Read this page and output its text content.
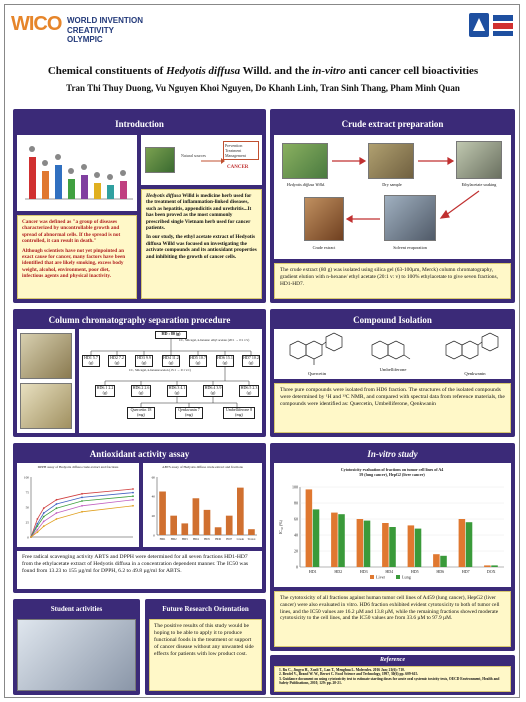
WICO WORLD INVENTION
CREATIVITY OLYMPIC
Chemical constituents of Hedyotis diffusa Willd. and the in-vitro anti cancer cell bioactivities
Tran Thi Thuy Duong, Vu Nguyen Khoi Nguyen, Do Khanh Linh, Tran Sinh Thang, Pham Minh Quan
Introduction
Natural sources
Prevention Treatment Management
CANCER

Cancer was defined as "a group of diseases characterized by uncontrollable growth and spread of abnormal cells. If the spread is not controlled, it can result in death."

Although scientists have not yet pinpointed an exact cause for cancer, many factors have been identified that are likely smoking, excess body weight, alcohol, environment, poor diet, infectious agents and physical inactivity.

Hedyotis diffusa Willd is medicine herb used for the treatment of inflammation-linked diseases, such as hepatitis, appendicitis and urethritis...It has been proved as the most commonly prescribed single Vietnam herb used for cancer patients.

In our study, the ethyl acetate extract of Hedyotis diffusa Willd was focused on investigating the activate compounds and its antioxidant properties and inhibiting the growth of cancer cells.

Crude extract preparation
Hedyotis diffusa Willd.	Dry sample	Ethylacetate soaking
Crude extract	Solvent evaporation

The crude extract (80 g) was isolated using silica gel (63-100µm, Merck) column chromatography, gradient elution with n-hexane/ ethyl acetate (20:1 v: v) to 100% ethylacetate to give seven fractions, HD1-HD7.

Column chromatography separation procedure
HD : 80 (g)
CC, Silicagel, n-hexane: ethyl acetate (20:1 → 0:1 v/v)
HD1 5.7 (g)
HD2 7.2 (g)
HD3 9.9 (g)
HD4 11.2 (g)
HD5 10.7 (g)
HD6 15.1 (g)
HD7 10.2 (g)
CC, Silicagel, n-hexane:aceton (15:1 → 0:1 v/v)
HD6.1 2.2 (g)
HD6.2 2.6 (g)
HD6.3 4.1 (g)
HD6.4 3.9 (g)
HD6.5 2.3 (g)
Quercetin 18 (mg)
Qenkwanin 7 (mg)
Umbelliferone 8 (mg)
Compound Isolation
Quercetin
Umbelliferone
Qenkwanin

Three pure compounds were isolated from HD6 fraction. The structures of the isolated compounds were determined by ¹H and ¹³C NMR, and compared with spectral data from reference materials, the compounds were identified as: Quercetin, Umbelliferone, Qenkwanin

Antioxidant activity assay
DPPH assay of Hedyotis diffusa crude extract and fractions
0
25
50
75
100
ABTS assay of Hedyotis diffusa crude extract and fractions
0
20
40
60
HD1 HD2 HD3 HD4 HD5 HD6 HD7 Crude Trolox

Free radical scavenging activity ABTS and DPPH were determined for all seven fractions HD1-HD7 from the ethylacetate extract of Hedyotis diffusa in a concentration dependent manner. The IC50 was found from 13.23 to 155 µg/ml for DPPH, 6.2 to 49.8 µg/ml for ABTS.

In-vitro study
Cytotoxicity evaluation of fractions on tumor cell lines of A4
59 (lung cancer), HepG2 (liver cancer)
IC₅₀ (%)
0
20
40
60
80
100
HD1	HD2	HD3	HD4	HD5	HD6	HD7	DOX
Liver	Lung

The cytotoxicity of all fractions against human tumor cell lines of A459 (lung cancer), HepG2 (liver cancer) were also evaluated in vitro. HD6 fraction exhibited evident cytotoxicity to both of tumor cell lines, and the IC50 values are 16.2 µM and 13.8 µM, while the remaining fractions showed moderate cytotoxicity to the cell lines, and the IC50 values are from 33.6 µM to 97.9 µM.

Student activities	Future Research Orientation

The positive results of this study would be hoping to be able to apply it to produce functional foods in the treatment or support of cancer disease without any unwanted side effects for patients with low product cost.

Reference

1. Ru C., Jingyu H., Xuxli T., Lan T., Menghua L. Molecules. 2016 Jan; 21(6): 710.

2. Brodel V., Brand W. W., Berset C. Food Science and Technology, 1997, 30(6) pp. 609-615.

3. Guidance document on using cytotoxicity test to estimate starting doses for acute oral systemic toxicity tests, OECD Environment, Health and Safety Publications, 2010, 129: pp. 20-21.
